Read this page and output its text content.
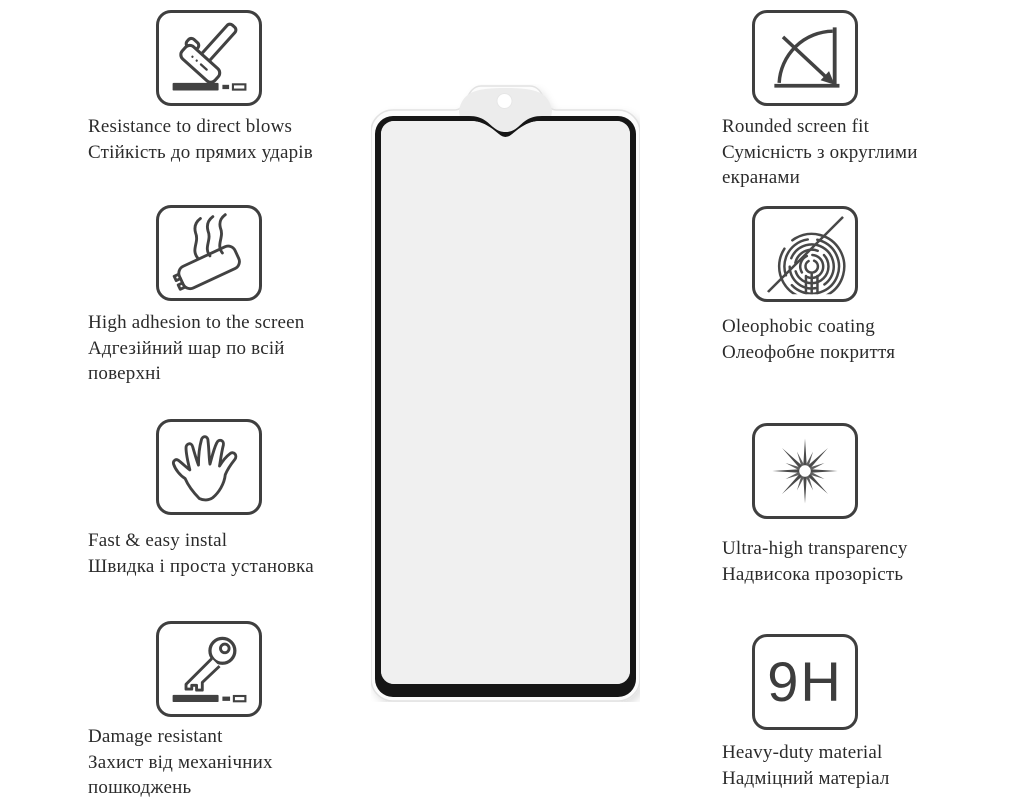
Resistance to direct blows
Стійкість до прямих ударів
High adhesion to the screen
Адгезійний шар по всій
поверхні
Fast & easy instal
Швидка і проста установка
Damage resistant
Захист від механічних
пошкоджень
Rounded screen fit
Сумісність з округлими
екранами
Oleophobic coating
Олеофобне покриття
Ultra-high transparency
Надвисока прозорість
9H
Heavy-duty material
Надміцний матеріал
